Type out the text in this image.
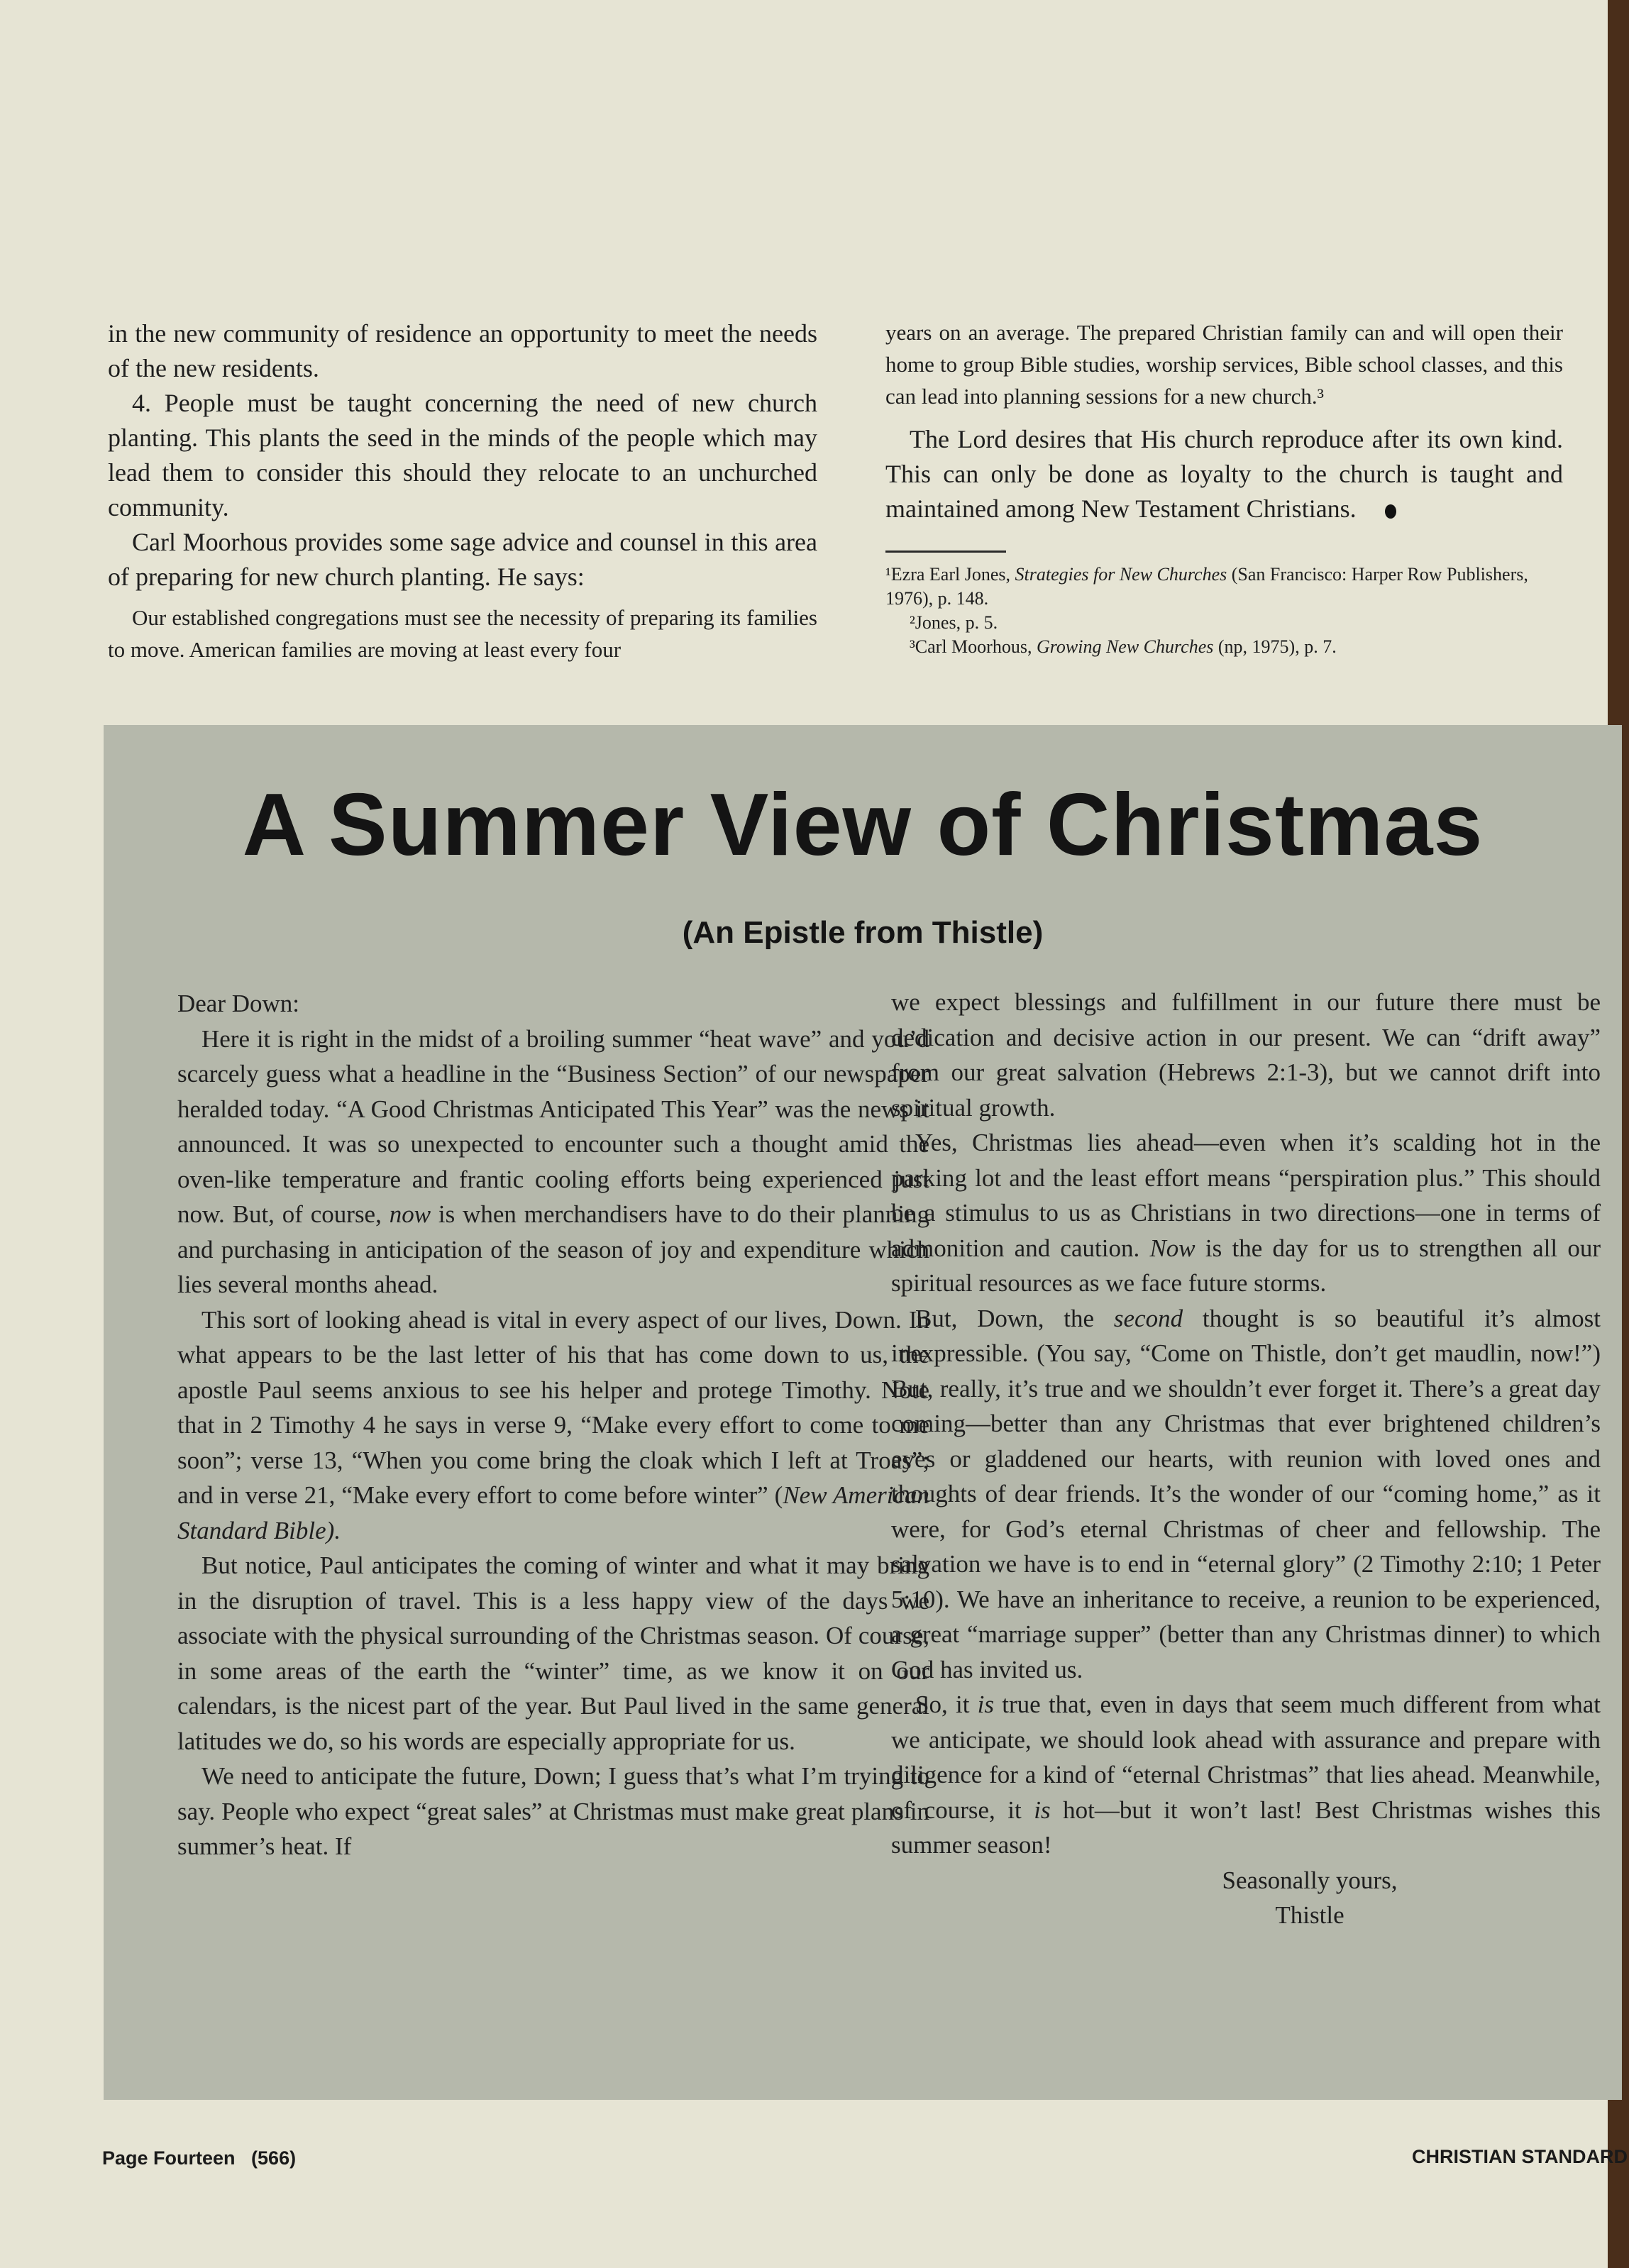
in the new community of residence an opportunity to meet the needs of the new residents.

4. People must be taught concerning the need of new church planting. This plants the seed in the minds of the people which may lead them to consider this should they relocate to an unchurched community.

Carl Moorhous provides some sage advice and counsel in this area of preparing for new church planting. He says:

Our established congregations must see the necessity of preparing its families to move. American families are moving at least every four

years on an average. The prepared Christian family can and will open their home to group Bible studies, worship services, Bible school classes, and this can lead into planning sessions for a new church.³

The Lord desires that His church reproduce after its own kind. This can only be done as loyalty to the church is taught and maintained among New Testament Christians.

¹Ezra Earl Jones, Strategies for New Churches (San Francisco: Harper Row Publishers, 1976), p. 148.

²Jones, p. 5.

³Carl Moorhous, Growing New Churches (np, 1975), p. 7.

A Summer View of Christmas
(An Epistle from Thistle)

Dear Down:

Here it is right in the midst of a broiling summer “heat wave” and you’d scarcely guess what a headline in the “Business Section” of our newspaper heralded today. “A Good Christmas Anticipated This Year” was the news it announced. It was so unexpected to encounter such a thought amid the oven-like temperature and frantic cooling efforts being experienced just now. But, of course, now is when merchandisers have to do their planning and purchasing in anticipation of the season of joy and expenditure which lies several months ahead.

This sort of looking ahead is vital in every aspect of our lives, Down. In what appears to be the last letter of his that has come down to us, the apostle Paul seems anxious to see his helper and protege Timothy. Note that in 2 Timothy 4 he says in verse 9, “Make every effort to come to me soon”; verse 13, “When you come bring the cloak which I left at Troas”; and in verse 21, “Make every effort to come before winter” (New American Standard Bible).

But notice, Paul anticipates the coming of winter and what it may bring in the disruption of travel. This is a less happy view of the days we associate with the physical surrounding of the Christmas season. Of course, in some areas of the earth the “winter” time, as we know it on our calendars, is the nicest part of the year. But Paul lived in the same general latitudes we do, so his words are especially appropriate for us.

We need to anticipate the future, Down; I guess that’s what I’m trying to say. People who expect “great sales” at Christmas must make great plans in summer’s heat. If

we expect blessings and fulfillment in our future there must be dedication and decisive action in our present. We can “drift away” from our great salvation (Hebrews 2:1-3), but we cannot drift into spiritual growth.

Yes, Christmas lies ahead—even when it’s scalding hot in the parking lot and the least effort means “perspiration plus.” This should be a stimulus to us as Christians in two directions—one in terms of admonition and caution. Now is the day for us to strengthen all our spiritual resources as we face future storms.

But, Down, the second thought is so beautiful it’s almost inexpressible. (You say, “Come on Thistle, don’t get maudlin, now!”) But, really, it’s true and we shouldn’t ever forget it. There’s a great day coming—better than any Christmas that ever brightened children’s eyes or gladdened our hearts, with reunion with loved ones and thoughts of dear friends. It’s the wonder of our “coming home,” as it were, for God’s eternal Christmas of cheer and fellowship. The salvation we have is to end in “eternal glory” (2 Timothy 2:10; 1 Peter 5:10). We have an inheritance to receive, a reunion to be experienced, a great “marriage supper” (better than any Christmas dinner) to which God has invited us.

So, it is true that, even in days that seem much different from what we anticipate, we should look ahead with assurance and prepare with diligence for a kind of “eternal Christmas” that lies ahead. Meanwhile, of course, it is hot—but it won’t last! Best Christmas wishes this summer season!

Seasonally yours,

Thistle

Page Fourteen   (566)	CHRISTIAN STANDARD
